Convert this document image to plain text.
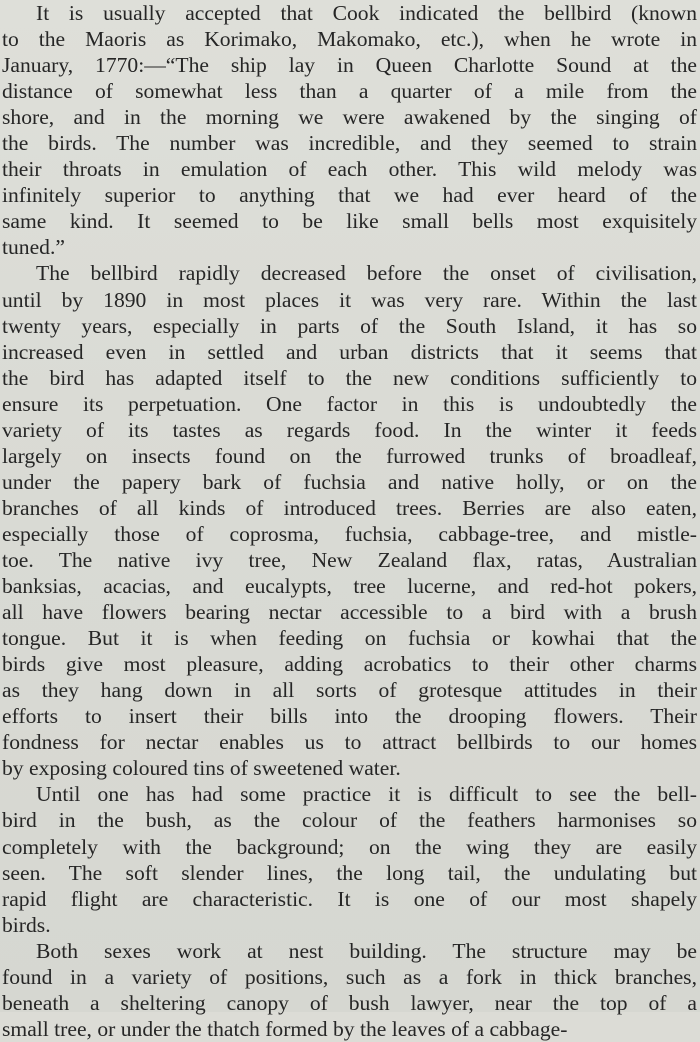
It is usually accepted that Cook indicated the bellbird (known
to the Maoris as Korimako, Makomako, etc.), when he wrote in
January, 1770:—“The ship lay in Queen Charlotte Sound at the
distance of somewhat less than a quarter of a mile from the
shore, and in the morning we were awakened by the singing of
the birds. The number was incredible, and they seemed to strain
their throats in emulation of each other. This wild melody was
infinitely superior to anything that we had ever heard of the
same kind. It seemed to be like small bells most exquisitely
tuned.”
The bellbird rapidly decreased before the onset of civilisation,
until by 1890 in most places it was very rare. Within the last
twenty years, especially in parts of the South Island, it has so
increased even in settled and urban districts that it seems that
the bird has adapted itself to the new conditions sufficiently to
ensure its perpetuation. One factor in this is undoubtedly the
variety of its tastes as regards food. In the winter it feeds
largely on insects found on the furrowed trunks of broadleaf,
under the papery bark of fuchsia and native holly, or on the
branches of all kinds of introduced trees. Berries are also eaten,
especially those of coprosma, fuchsia, cabbage-tree, and mistle-
toe. The native ivy tree, New Zealand flax, ratas, Australian
banksias, acacias, and eucalypts, tree lucerne, and red-hot pokers,
all have flowers bearing nectar accessible to a bird with a brush
tongue. But it is when feeding on fuchsia or kowhai that the
birds give most pleasure, adding acrobatics to their other charms
as they hang down in all sorts of grotesque attitudes in their
efforts to insert their bills into the drooping flowers. Their
fondness for nectar enables us to attract bellbirds to our homes
by exposing coloured tins of sweetened water.
Until one has had some practice it is difficult to see the bell-
bird in the bush, as the colour of the feathers harmonises so
completely with the background; on the wing they are easily
seen. The soft slender lines, the long tail, the undulating but
rapid flight are characteristic. It is one of our most shapely
birds.
Both sexes work at nest building. The structure may be
found in a variety of positions, such as a fork in thick branches,
beneath a sheltering canopy of bush lawyer, near the top of a
small tree, or under the thatch formed by the leaves of a cabbage-
